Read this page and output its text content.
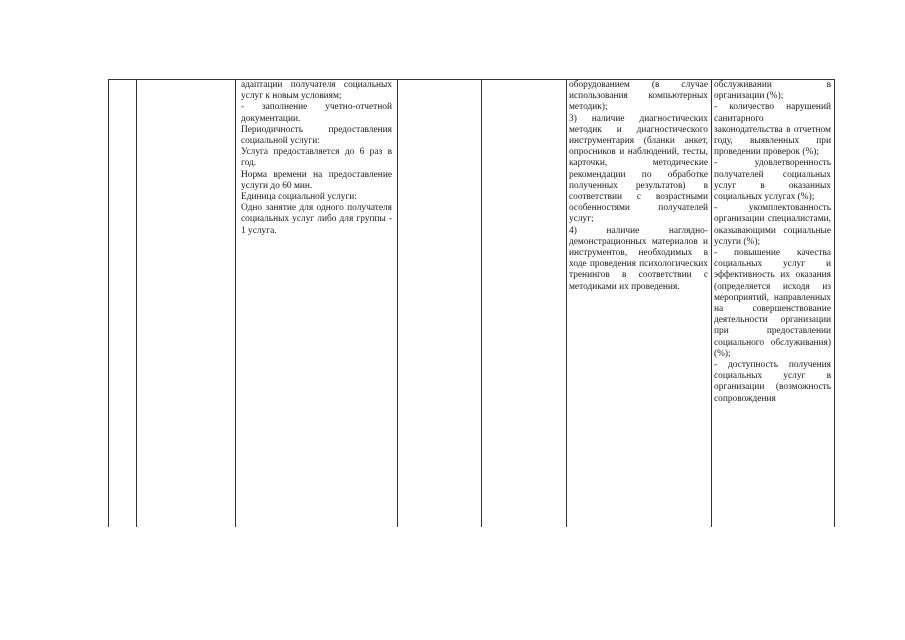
адаптации получателя социальных услуг к новым условиям;

- заполнение учетно-отчетной документации.

Периодичность предоставления социальной услуги:

Услуга предоставляется до 6 раз в год.

Норма времени на предоставление услуги до 60 мин.

Единица социальной услуги:

Одно занятие для одного получателя социальных услуг либо для группы - 1 услуга.

оборудованием (в случае использования компьютерных методик);

3) наличие диагностических методик и диагностического инструментария (бланки анкет, опросников и наблюдений, тесты, карточки, методические рекомендации по обработке полученных результатов) в соответствии с возрастными особенностями получателей услуг;

4) наличие наглядно-демонстрационных материалов и инструментов, необходимых в ходе проведения психологических тренингов в соответствии с методиками их проведения.

обслуживании в организации (%);

- количество нарушений санитарного законодательства в отчетном году, выявленных при проведении проверок (%);

- удовлетворенность получателей социальных услуг в оказанных социальных услугах (%);

- укомплектованность организации специалистами, оказывающими социальные услуги (%);

- повышение качества социальных услуг и эффективность их оказания (определяется исходя из мероприятий, направленных на совершенствование деятельности организации при предоставлении социального обслуживания) (%);

- доступность получения социальных услуг в организации (возможность сопровождения
